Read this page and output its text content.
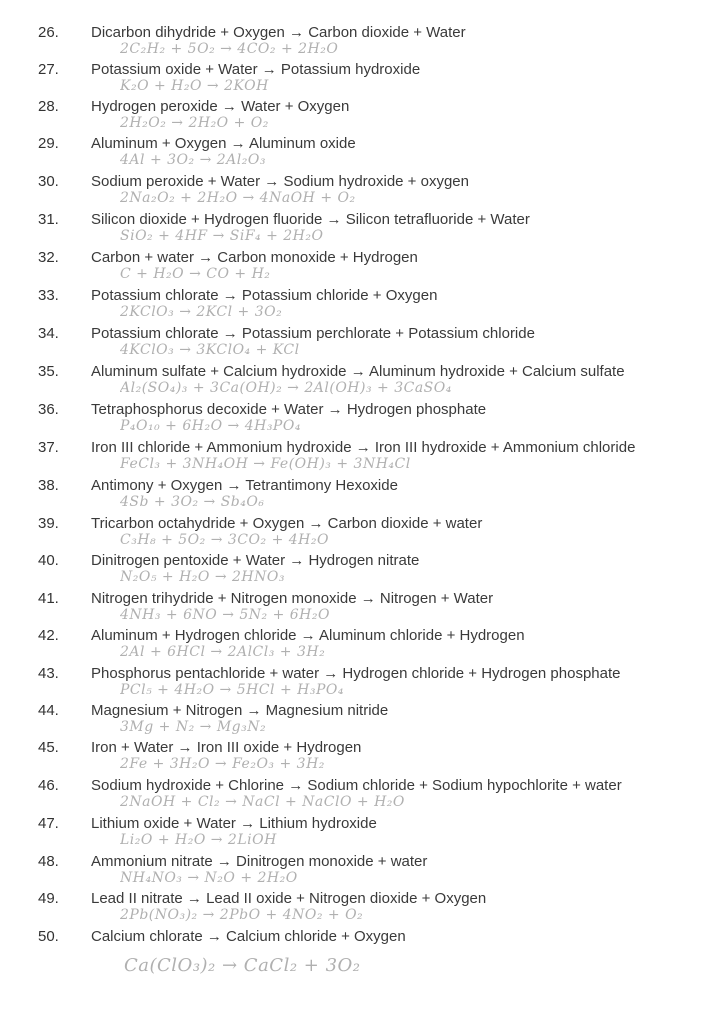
26. Dicarbon dihydride + Oxygen → Carbon dioxide + Water
2C₂H₂ + 5O₂ → 4CO₂ + 2H₂O
27. Potassium oxide + Water → Potassium hydroxide
K₂O + H₂O → 2KOH
28. Hydrogen peroxide → Water + Oxygen
2H₂O₂ → 2H₂O + O₂
29. Aluminum + Oxygen → Aluminum oxide
4Al + 3O₂ → 2Al₂O₃
30. Sodium peroxide + Water → Sodium hydroxide + oxygen
2Na₂O₂ + 2H₂O → 4NaOH + O₂
31. Silicon dioxide + Hydrogen fluoride → Silicon tetrafluoride + Water
SiO₂ + 4HF → SiF₄ + 2H₂O
32. Carbon + water → Carbon monoxide + Hydrogen
C + H₂O → CO + H₂
33. Potassium chlorate → Potassium chloride + Oxygen
2KClO₃ → 2KCl + 3O₂
34. Potassium chlorate → Potassium perchlorate + Potassium chloride
4KClO₃ → 3KClO₄ + KCl
35. Aluminum sulfate + Calcium hydroxide → Aluminum hydroxide + Calcium sulfate
Al₂(SO₄)₃ + 3Ca(OH)₂ → 2Al(OH)₃ + 3CaSO₄
36. Tetraphosphorus decoxide + Water → Hydrogen phosphate
P₄O₁₀ + 6H₂O → 4H₃PO₄
37. Iron III chloride + Ammonium hydroxide → Iron III hydroxide + Ammonium chloride
FeCl₃ + 3NH₄OH → Fe(OH)₃ + 3NH₄Cl
38. Antimony + Oxygen → Tetrantimony Hexoxide
4Sb + 3O₂ → Sb₄O₆
39. Tricarbon octahydride + Oxygen → Carbon dioxide + water
C₃H₈ + 5O₂ → 3CO₂ + 4H₂O
40. Dinitrogen pentoxide + Water → Hydrogen nitrate
N₂O₅ + H₂O → 2HNO₃
41. Nitrogen trihydride + Nitrogen monoxide → Nitrogen + Water
4NH₃ + 6NO → 5N₂ + 6H₂O
42. Aluminum + Hydrogen chloride → Aluminum chloride + Hydrogen
2Al + 6HCl → 2AlCl₃ + 3H₂
43. Phosphorus pentachloride + water → Hydrogen chloride + Hydrogen phosphate
PCl₅ + 4H₂O → 5HCl + H₃PO₄
44. Magnesium + Nitrogen → Magnesium nitride
3Mg + N₂ → Mg₃N₂
45. Iron + Water → Iron III oxide + Hydrogen
2Fe + 3H₂O → Fe₂O₃ + 3H₂
46. Sodium hydroxide + Chlorine → Sodium chloride + Sodium hypochlorite + water
2NaOH + Cl₂ → NaCl + NaClO + H₂O
47. Lithium oxide + Water → Lithium hydroxide
Li₂O + H₂O → 2LiOH
48. Ammonium nitrate → Dinitrogen monoxide + water
NH₄NO₃ → N₂O + 2H₂O
49. Lead II nitrate → Lead II oxide + Nitrogen dioxide + Oxygen
2Pb(NO₃)₂ → 2PbO + 4NO₂ + O₂
50. Calcium chlorate → Calcium chloride + Oxygen
Ca(ClO₃)₂ → CaCl₂ + 3O₂
